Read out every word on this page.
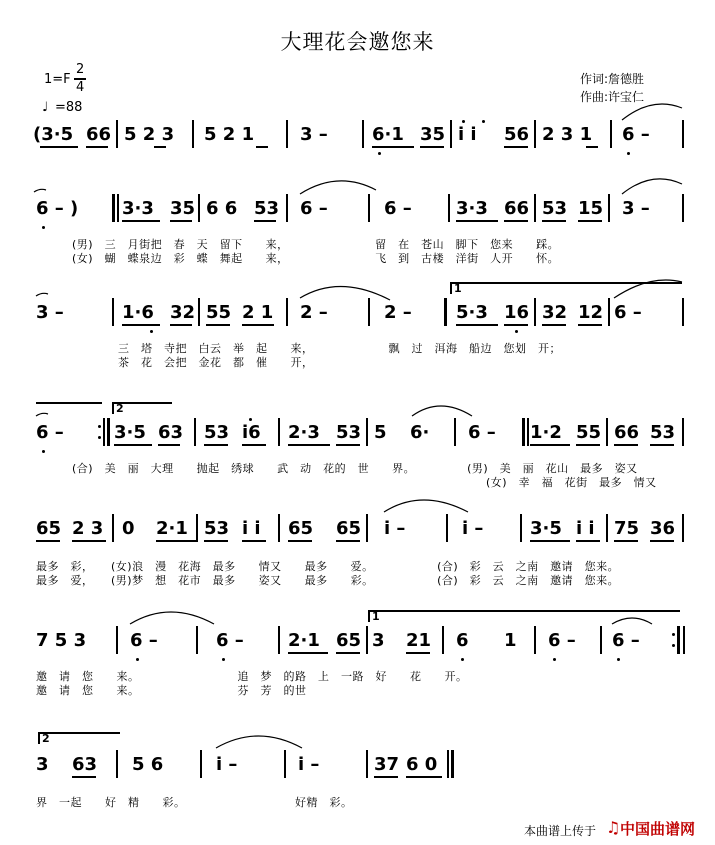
大理花会邀您来
1=F
2
4
♩ =88
作词:詹德胜
作曲:许宝仁
(3·5 66 5 2 3 5 2 1	3 – 6·1 35 i i 56 2 3 1 6 –
6 – ) 3·3 35 6 6 53 6 –	6 – 3·3 66 53 15 3 –
(男)　三　月街把　春　天　留下　　来，　　　　　　　　留　在　苍山　脚下　您来　　踩。
(女)　蝴　蝶泉边　彩　蝶　舞起　　来，　　　　　　　　飞　到　古楼　洋街　人开　　怀。
3 –	1·6 32 55 2 1 2 –	2 – 5·3 16 32 12 6 –
1
三　塔　寺把　白云　举　起　　来，　　　　　　　飘　过　洱海　船边　您划　开；
茶　花　会把　金花　都　催　　开，
6 –
2
3·5 63 53 i6 2·3 53 5 6· 6 – 1·2 55 66 53
(合)　美　丽　大理　　抛起　绣球　　武　动　花的　世　　界。　　　　　(男)　美　丽　花山　最多　姿又
(女)　幸　福　花街　最多　情又
65 2 3 0 2·1 53 i i 65 65 i –	i –	3·5 i i 75 36
最多　彩，　　(女)浪　漫　花海　最多　　情又　　最多　　爱。　　　　　　(合)　彩　云　之南　邀请　您来。
最多　爱，　　(男)梦　想　花市　最多　　姿又　　最多　　彩。　　　　　　(合)　彩　云　之南　邀请　您来。
7 5 3 6 –	6 – 2·1 65 3 21 6 1 6 – 6 –
1
邀　请　您　　来。　　　　　　　　　追　梦　的路　上　一路　好　　花　　开。
邀　请　您　　来。　　　　　　　　　芬　芳　的世
2
3 63 5 6	i –	i –	37 6 0
界　一起　　好　精　　彩。　　　　　　　　　　好精　彩。
本曲谱上传于 ♫ 中国曲谱网
